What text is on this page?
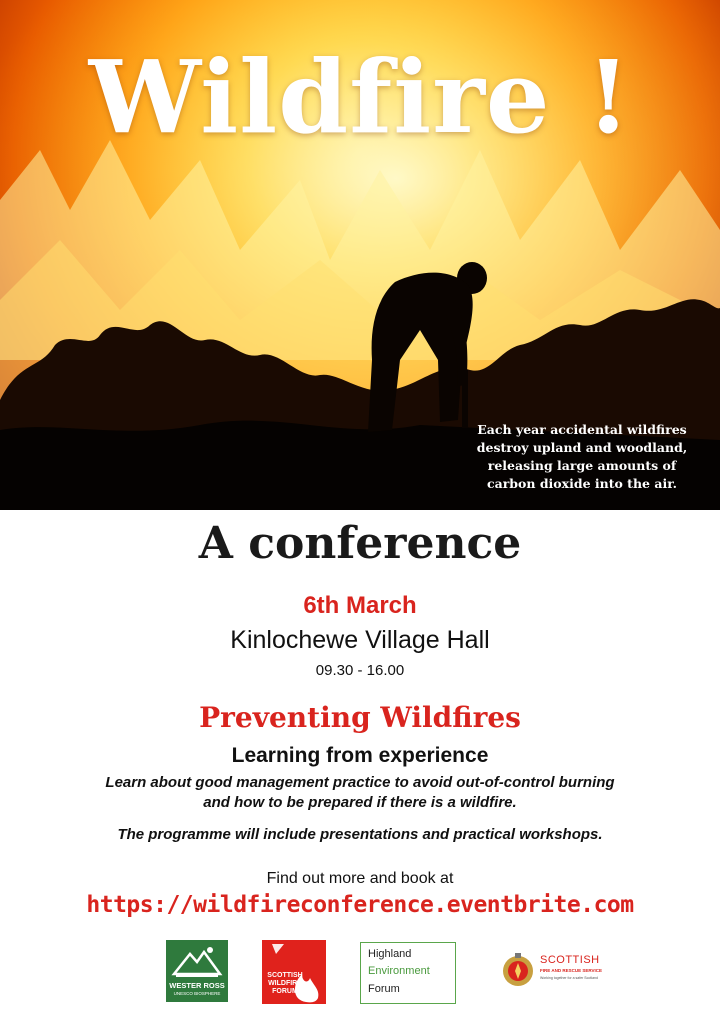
Wildfire !
Each year accidental wildfires
destroy upland and woodland,
releasing large amounts of
carbon dioxide into the air.
A conference
6th March
Kinlochewe Village Hall
09.30 - 16.00
Preventing Wildfires
Learning from experience
Learn about good management practice to avoid out-of-control burning
and how to be prepared if there is a wildfire.
The programme will include presentations and practical workshops.
Find out more and book at
https://wildfireconference.eventbrite.com
WESTER ROSS
UNESCO BIOSPHERE
SCOTTISH
WILDFIRE
FORUM
Highland
Environment
Forum
SCOTTISH
FIRE AND RESCUE SERVICE
Working together for a safer Scotland
